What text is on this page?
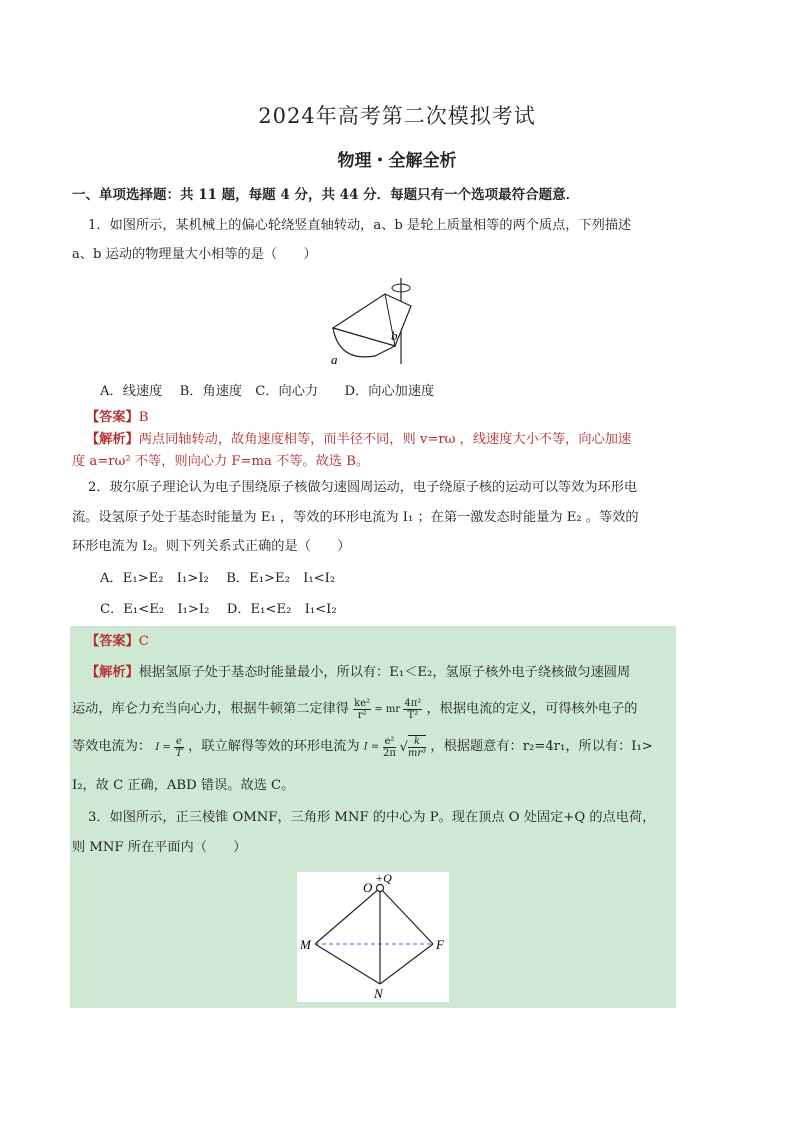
2024年高考第二次模拟考试
物理・全解全析
一、单项选择题：共 11 题，每题 4 分，共 44 分．每题只有一个选项最符合题意．
1．如图所示，某机械上的偏心轮绕竖直轴转动，a、b 是轮上质量相等的两个质点，下列描述
a、b 运动的物理量大小相等的是（　　）
a
b
A．线速度　 B．角速度　C．向心力　　D．向心加速度
【答案】B
【解析】两点同轴转动，故角速度相等，而半径不同，则 v=rω ，线速度大小不等，向心加速
度 a=rω² 不等，则向心力 F=ma 不等。故选 B。
2．玻尔原子理论认为电子围绕原子核做匀速圆周运动，电子绕原子核的运动可以等效为环形电
流。设氢原子处于基态时能量为 E₁ ，等效的环形电流为 I₁ ；在第一激发态时能量为 E₂ 。等效的
环形电流为 I₂。则下列关系式正确的是（　　）
A．E₁>E₂　I₁>I₂　 B．E₁>E₂　I₁<I₂
C．E₁<E₂　I₁>I₂　 D．E₁<E₂　I₁<I₂
【答案】C
【解析】根据氢原子处于基态时能量最小，所以有：E₁＜E₂，氢原子核外电子绕核做匀速圆周
运动，库仑力充当向心力，根据牛顿第二定律得 $\frac{\text{ke²}}{\text{r²}}$ = mr $\frac{\text{4π²}}{\text{T²}}$ ，根据电流的定义，可得核外电子的
等效电流为： $I = \frac{e}{T}$ ，联立解得等效的环形电流为 $I = \frac{\text{e²}}{2\pi}$ √ $\frac{k}{\text{mr³}}$ ，根据题意有：r₂=4r₁，所以有：I₁>
I₂，故 C 正确，ABD 错误。故选 C。
3．如图所示，正三棱锥 OMNF，三角形 MNF 的中心为 P。现在顶点 O 处固定+Q 的点电荷，
则 MNF 所在平面内（　　）
O
+Q
M	F
N
